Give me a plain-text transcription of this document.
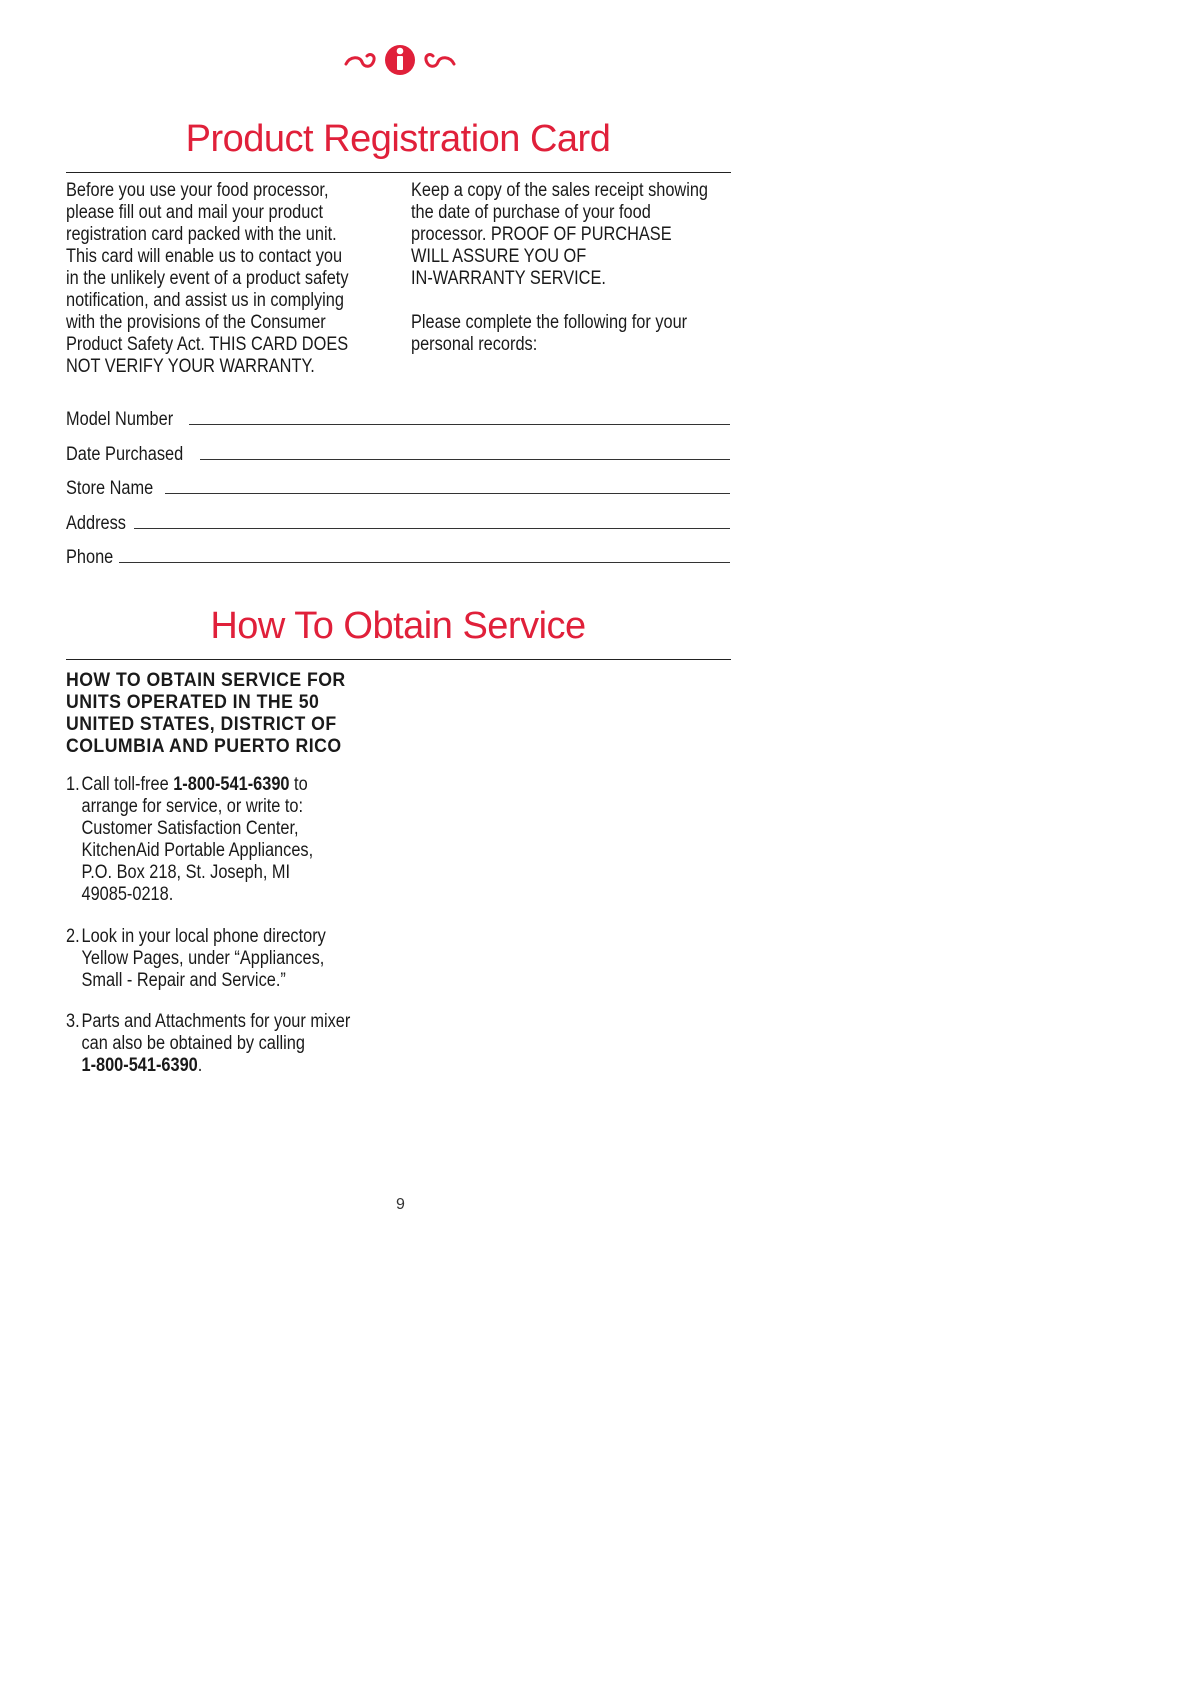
Product Registration Card

Before you use your food processor,
please fill out and mail your product
registration card packed with the unit.
This card will enable us to contact you
in the unlikely event of a product safety
notification, and assist us in complying
with the provisions of the Consumer
Product Safety Act. THIS CARD DOES
NOT VERIFY YOUR WARRANTY.

Keep a copy of the sales receipt showing
the date of purchase of your food
processor. PROOF OF PURCHASE
WILL ASSURE YOU OF
IN-WARRANTY SERVICE.

Please complete the following for your
personal records:

Model Number
Date Purchased
Store Name
Address
Phone
How To Obtain Service

HOW TO OBTAIN SERVICE FOR
UNITS OPERATED IN THE 50
UNITED STATES, DISTRICT OF
COLUMBIA AND PUERTO RICO

1. Call toll-free 1-800-541-6390 to
arrange for service, or write to:
Customer Satisfaction Center,
KitchenAid Portable Appliances,
P.O. Box 218, St. Joseph, MI
49085-0218.
2. Look in your local phone directory
Yellow Pages, under “Appliances,
Small - Repair and Service.”
3. Parts and Attachments for your mixer
can also be obtained by calling
1-800-541-6390.
9
